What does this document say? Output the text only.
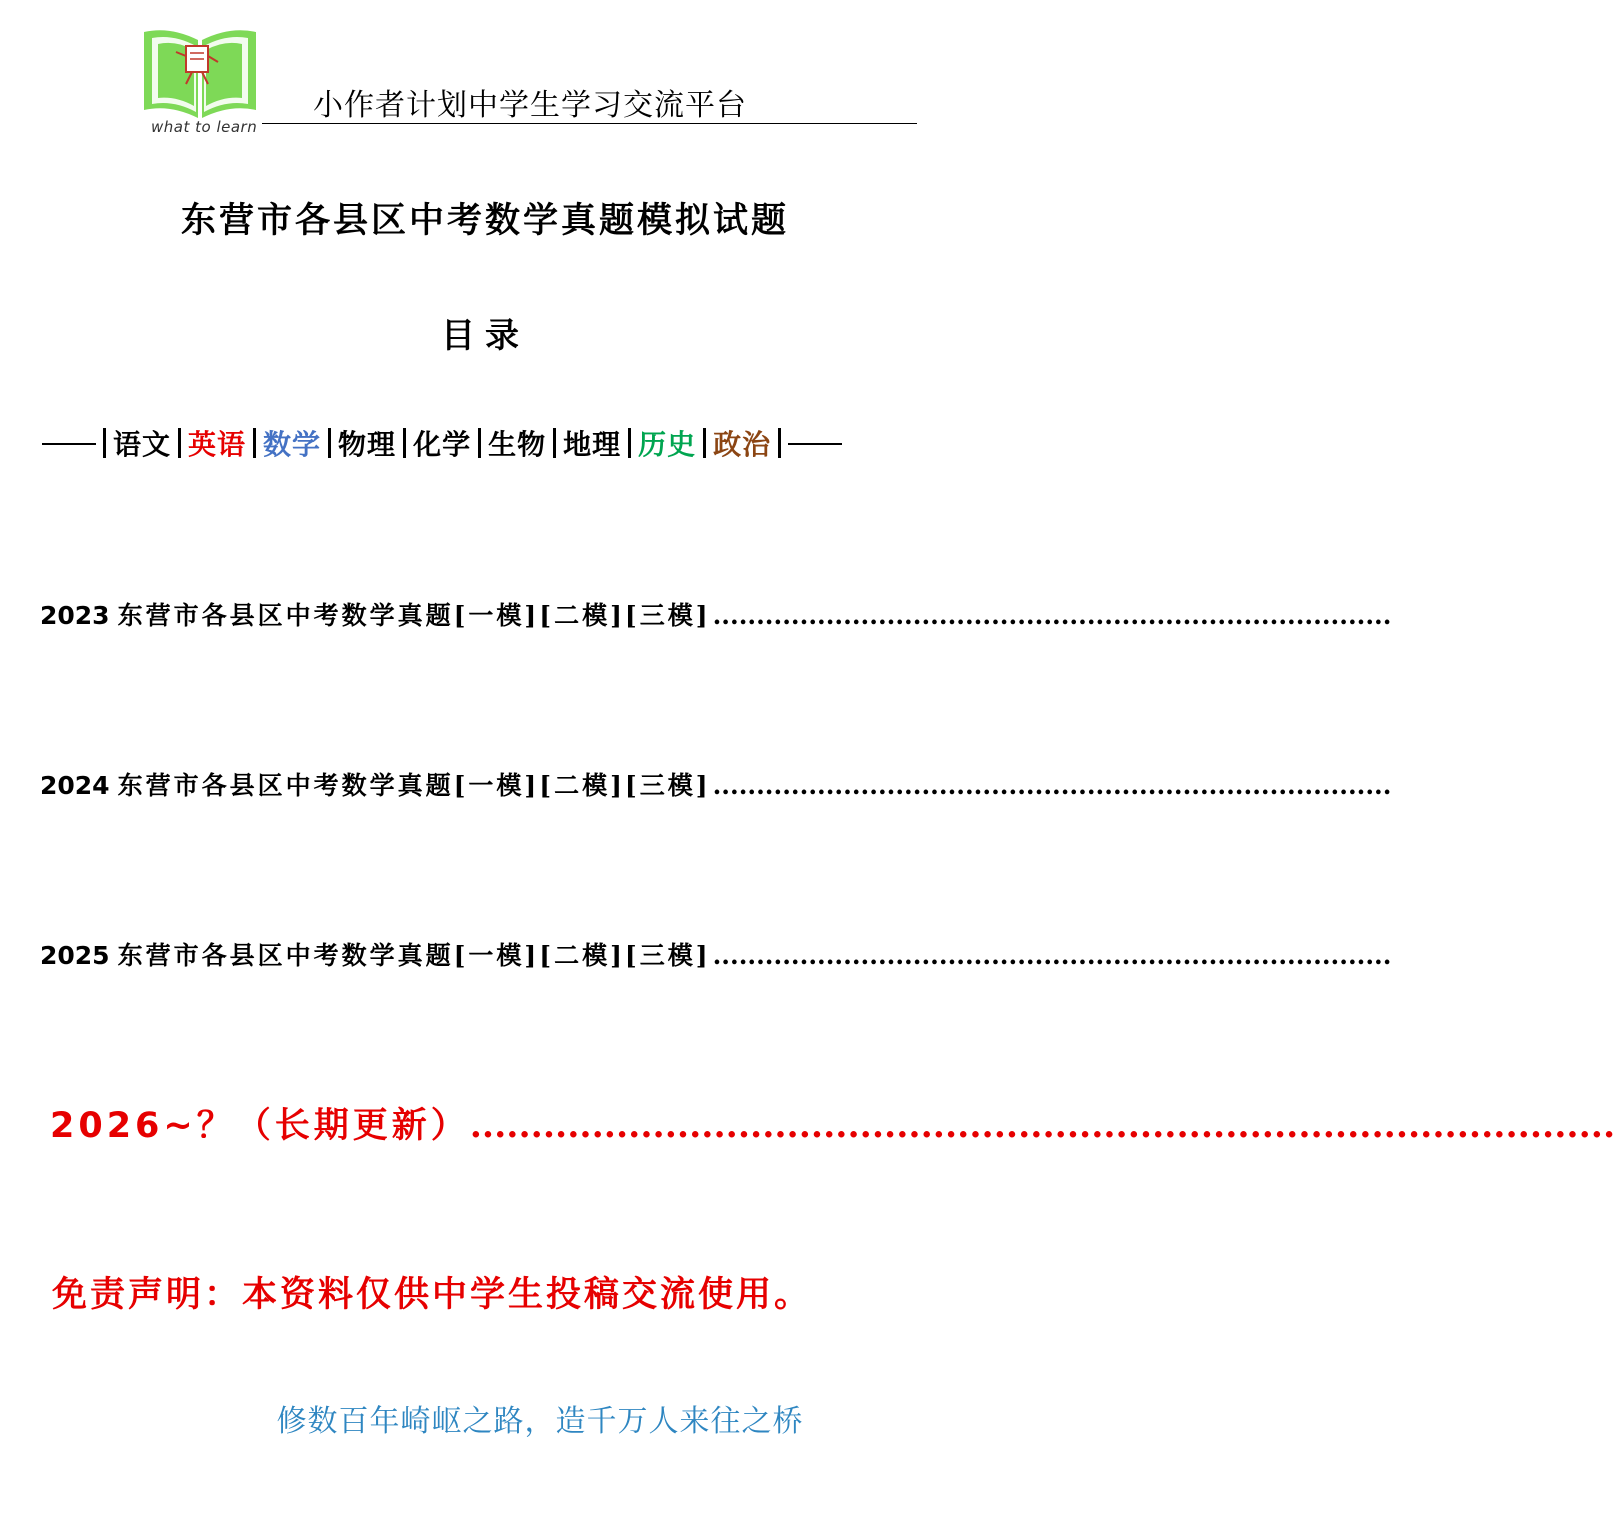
what to learn
小作者计划中学生学习交流平台
东营市各县区中考数学真题模拟试题
目录
语文 英语 数学 物理 化学 生物 地理 历史 政治
2023 东营市各县区中考数学真题[一模][二模][三模] ..............................................................................
2024 东营市各县区中考数学真题[一模][二模][三模] ..............................................................................
2025 东营市各县区中考数学真题[一模][二模][三模] ..............................................................................
2026~？（长期更新） ..............................................................................................
免责声明：本资料仅供中学生投稿交流使用。
修数百年崎岖之路，造千万人来往之桥
